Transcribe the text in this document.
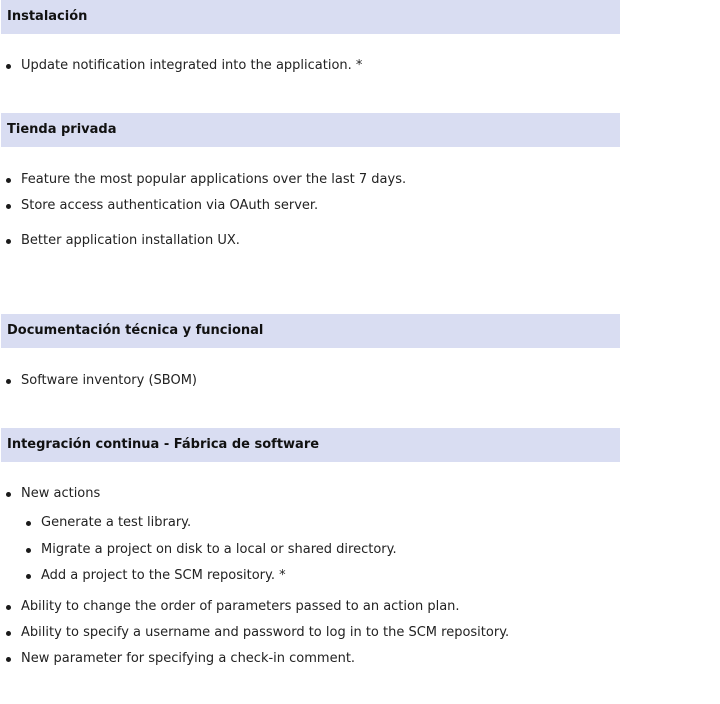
Instalación
Update notification integrated into the application. *
Tienda privada
Feature the most popular applications over the last 7 days.
Store access authentication via OAuth server.
Better application installation UX.
Documentación técnica y funcional
Software inventory (SBOM)
Integración continua - Fábrica de software
New actions
Generate a test library.
Migrate a project on disk to a local or shared directory.
Add a project to the SCM repository. *
Ability to change the order of parameters passed to an action plan.
Ability to specify a username and password to log in to the SCM repository.
New parameter for specifying a check-in comment.
